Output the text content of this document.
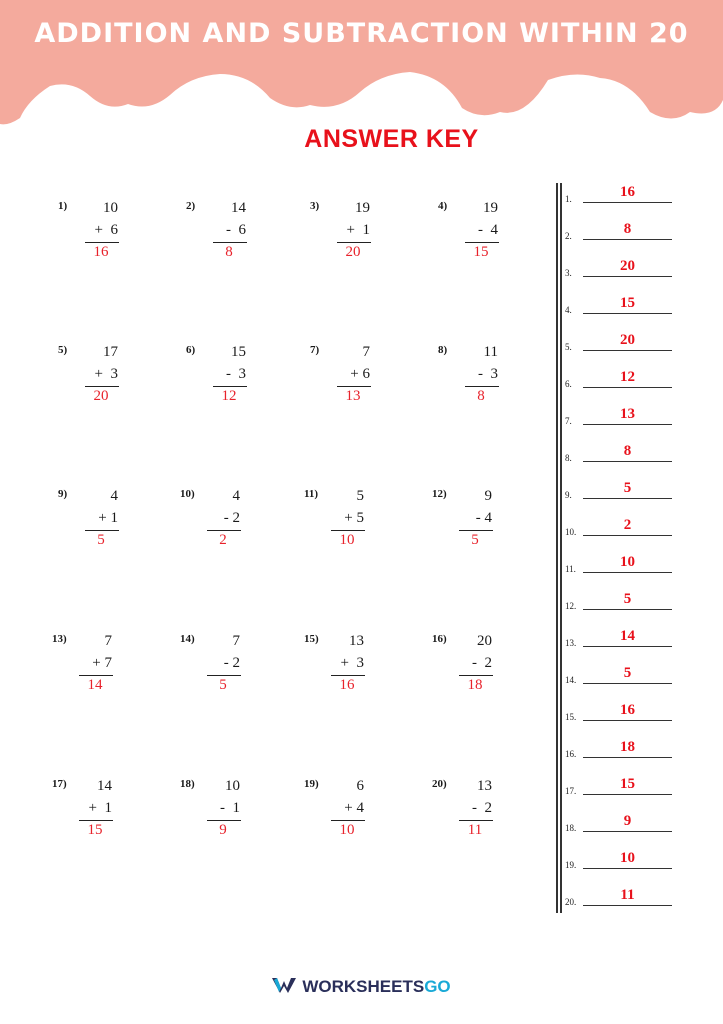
ADDITION AND SUBTRACTION WITHIN 20
ANSWER KEY
1)	10
+  6
16
2)	14
-  6
8
3)	19
+  1
20
4)	19
-  4
15
5)	17
+  3
20
6)	15
-  3
12
7)	7
+ 6
13
8)	11
-  3
8
9)	4
+ 1
5
10)	4
- 2
2
11)	5
+ 5
10
12)	9
- 4
5
13)	7
+ 7
14
14)	7
- 2
5
15)	13
+  3
16
16)	20
-  2
18
17)	14
+  1
15
18)	10
-  1
9
19)	6
+ 4
10
20)	13
-  2
11
1.	16
2.	8
3.	20
4.	15
5.	20
6.	12
7.	13
8.	8
9.	5
10.	2
11.	10
12.	5
13.	14
14.	5
15.	16
16.	18
17.	15
18.	9
19.	10
20.	11
WORKSHEETSGO
